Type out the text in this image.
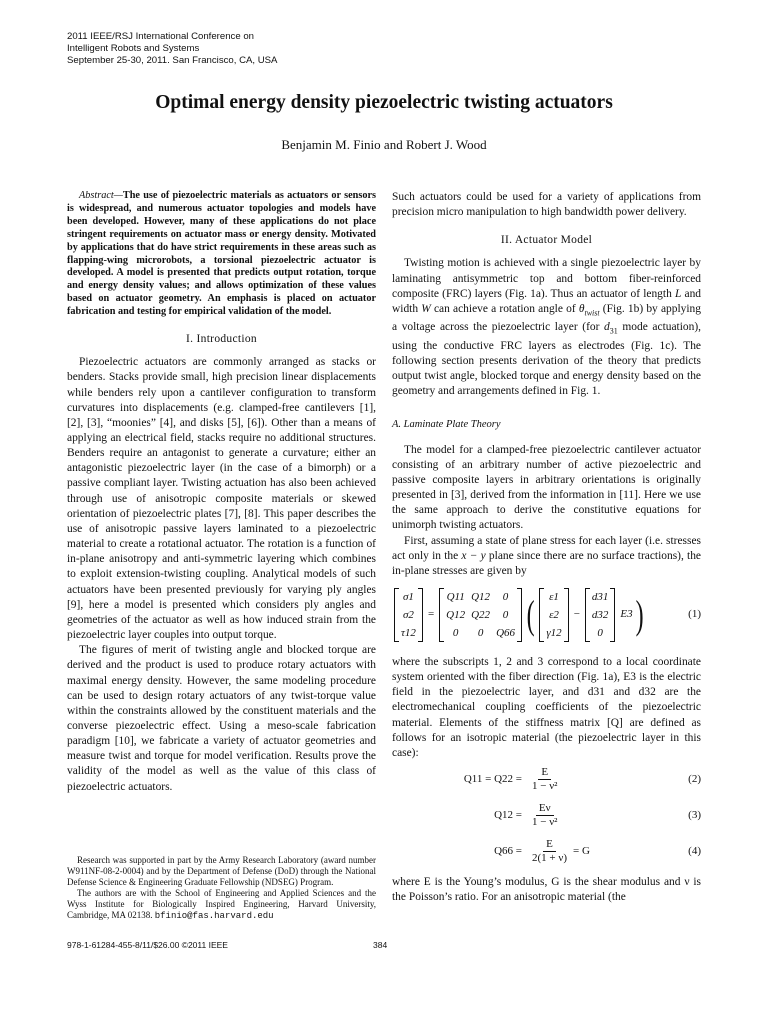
2011 IEEE/RSJ International Conference on
Intelligent Robots and Systems
September 25-30, 2011. San Francisco, CA, USA
Optimal energy density piezoelectric twisting actuators
Benjamin M. Finio and Robert J. Wood

Abstract—The use of piezoelectric materials as actuators or sensors is widespread, and numerous actuator topologies and models have been developed. However, many of these applications do not place stringent requirements on actuator mass or energy density. Motivated by applications that do have strict requirements in these areas such as flapping-wing microrobots, a torsional piezoelectric actuator is developed. A model is presented that predicts output rotation, torque and energy density values; and allows optimization of these values based on actuator geometry. An emphasis is placed on actuator fabrication and testing for empirical validation of the model.

I. Introduction

Piezoelectric actuators are commonly arranged as stacks or benders. Stacks provide small, high precision linear displacements while benders rely upon a cantilever configuration to transform curvatures into displacements (e.g. clamped-free cantilevers [1], [2], [3], “moonies” [4], and disks [5], [6]). Other than a means of applying an electrical field, stacks require no additional structures. Benders require an antagonist to generate a curvature; either an antagonistic piezoelectric layer (in the case of a bimorph) or a passive compliant layer. Twisting actuation has also been achieved through use of anisotropic composite materials or skewed orientation of piezoelectric plates [7], [8]. This paper describes the use of anisotropic passive layers laminated to a piezoelectric material to create a rotational actuator. The rotation is a function of in-plane anisotropy and anti-symmetric layering which combines to exploit extension-twisting coupling. Analytical models of such actuators have been presented previously for varying ply angles [9], here a model is presented which considers ply angles and geometries of the actuator as well as how induced strain from the piezoelectric layer couples into output torque.

The figures of merit of twisting angle and blocked torque are derived and the product is used to produce rotary actuators with maximal energy density. However, the same modeling procedure can be used to design rotary actuators of any twist-torque value within the constraints allowed by the constituent materials and the converse piezoelectric effect. Using a meso-scale fabrication paradigm [10], we fabricate a variety of actuator geometries and measure twist and torque for model verification. Results prove the validity of the model as well as the value of this class of piezoelectric actuators.

Research was supported in part by the Army Research Laboratory (award number W911NF-08-2-0004) and by the Department of Defense (DoD) through the National Defense Science & Engineering Graduate Fellowship (NDSEG) Program.

The authors are with the School of Engineering and Applied Sciences and the Wyss Institute for Biologically Inspired Engineering, Harvard University, Cambridge, MA 02138. bfinio@fas.harvard.edu

Such actuators could be used for a variety of applications from precision micro manipulation to high bandwidth power delivery.

II. Actuator Model

Twisting motion is achieved with a single piezoelectric layer by laminating antisymmetric top and bottom fiber-reinforced composite (FRC) layers (Fig. 1a). Thus an actuator of length L and width W can achieve a rotation angle of $\theta_{twist}$ (Fig. 1b) by applying a voltage across the piezoelectric layer (for $d_{31}$ mode actuation), using the conductive FRC layers as electrodes (Fig. 1c). The following section presents derivation of the theory that predicts output twist angle, blocked torque and energy density based on the geometry and arrangements defined in Fig. 1.

A. Laminate Plate Theory

The model for a clamped-free piezoelectric cantilever actuator consisting of an arbitrary number of active piezoelectric and passive composite layers in arbitrary orientations is originally presented in [3], derived from the information in [11]. Here we use the same approach to derive the constitutive equations for unimorph twisting actuators.

First, assuming a state of plane stress for each layer (i.e. stresses act only in the x − y plane since there are no surface tractions), the in-plane stresses are given by

σ1
σ2
τ12
=
Q11	Q12	0
Q12	Q22	0
0	0	Q66 ( ε1
ε2
γ12
−
d31
d32
0
E3 )	(1)

where the subscripts 1, 2 and 3 correspond to a local coordinate system oriented with the fiber direction (Fig. 1a), E3 is the electric field in the piezoelectric layer, and d31 and d32 are the electromechanical coupling coefficients of the piezoelectric material. Elements of the stiffness matrix [Q] are defined as follows for an isotropic material (the piezoelectric layer in this case):

$Q11 = Q22 = \frac{E}{\text{1 − ν²}}$	(2)
$Q12 = \frac{E\nu}{\text{1 − ν²}}$	(3)
$Q66 = \frac{E}{2(1 + \nu)} = G$	(4)

where E is the Young’s modulus, G is the shear modulus and ν is the Poisson’s ratio. For an anisotropic material (the

978-1-61284-455-8/11/$26.00 ©2011 IEEE	384
